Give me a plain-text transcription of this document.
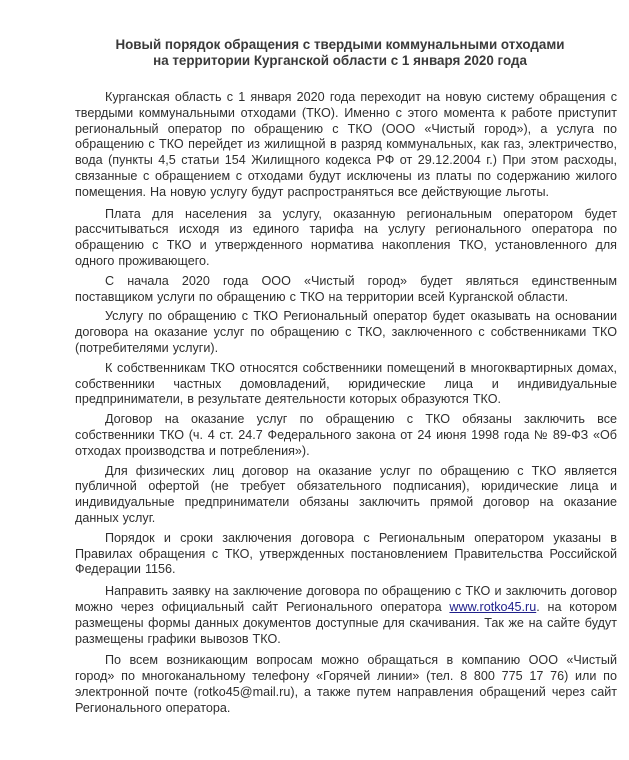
Новый порядок обращения с твердыми коммунальными отходами
на территории Курганской области с 1 января 2020 года

Курганская область с 1 января 2020 года переходит на новую систему обращения с твердыми коммунальными отходами (ТКО). Именно с этого момента к работе приступит региональный оператор по обращению с ТКО (ООО «Чистый город»), а услуга по обращению с ТКО перейдет из жилищной в разряд коммунальных, как газ, электричество, вода (пункты 4,5 статьи 154 Жилищного кодекса РФ от 29.12.2004 г.) При этом расходы, связанные с обращением с отходами будут исключены из платы по содержанию жилого помещения. На новую услугу будут распространяться все действующие льготы.

Плата для населения за услугу, оказанную региональным оператором будет рассчитываться исходя из единого тарифа на услугу регионального оператора по обращению с ТКО и утвержденного норматива накопления ТКО, установленного для одного проживающего.

С начала 2020 года ООО «Чистый город» будет являться единственным поставщиком услуги по обращению с ТКО на территории всей Курганской области.

Услугу по обращению с ТКО Региональный оператор будет оказывать на основании договора на оказание услуг по обращению с ТКО, заключенного с собственниками ТКО (потребителями услуги).

К собственникам ТКО относятся собственники помещений в многоквартирных домах, собственники частных домовладений, юридические лица и индивидуальные предприниматели, в результате деятельности которых образуются ТКО.

Договор на оказание услуг по обращению с ТКО обязаны заключить все собственники ТКО (ч. 4 ст. 24.7 Федерального закона от 24 июня 1998 года № 89-ФЗ «Об отходах производства и потребления»).

Для физических лиц договор на оказание услуг по обращению с ТКО является публичной офертой (не требует обязательного подписания), юридические лица и индивидуальные предприниматели обязаны заключить прямой договор на оказание данных услуг.

Порядок и сроки заключения договора с Региональным оператором указаны в Правилах обращения с ТКО, утвержденных постановлением Правительства Российской Федерации 1156.

Направить заявку на заключение договора по обращению с ТКО и заключить договор можно через официальный сайт Регионального оператора www.rotko45.ru. на котором размещены формы данных документов доступные для скачивания. Так же на сайте будут размещены графики вывозов ТКО.

По всем возникающим вопросам можно обращаться в компанию ООО «Чистый город» по многоканальному телефону «Горячей линии» (тел. 8 800 775 17 76) или по электронной почте (rotko45@mail.ru), а также путем направления обращений через сайт Регионального оператора.
